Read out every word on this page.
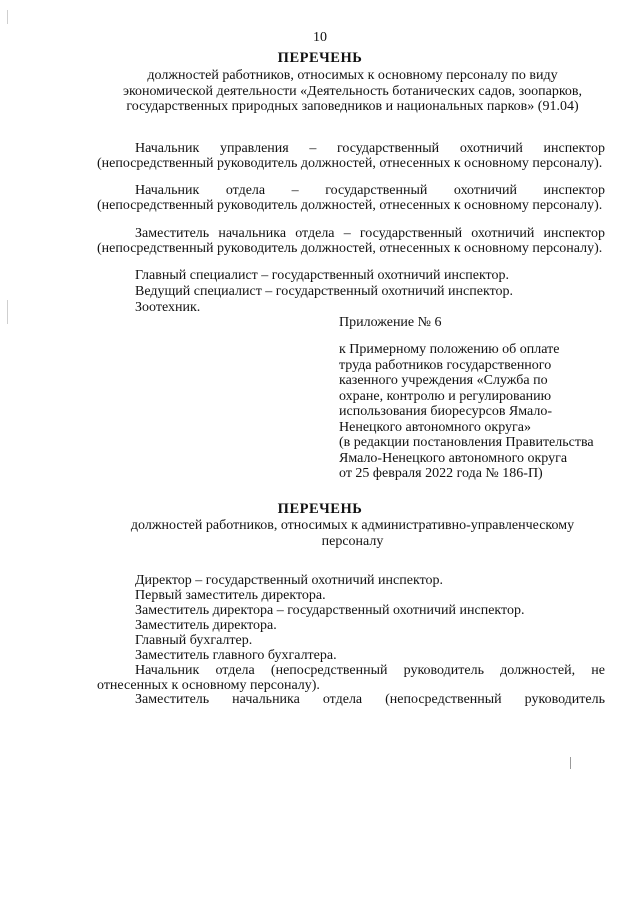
10
ПЕРЕЧЕНЬ
должностей работников, относимых к основному персоналу по виду
экономической деятельности «Деятельность ботанических садов, зоопарков,
государственных природных заповедников и национальных парков» (91.04)

Начальник управления – государственный охотничий инспектор (непосредственный руководитель должностей, отнесенных к основному персоналу).

Начальник отдела – государственный охотничий инспектор (непосредственный руководитель должностей, отнесенных к основному персоналу).

Заместитель начальника отдела – государственный охотничий инспектор (непосредственный руководитель должностей, отнесенных к основному персоналу).

Главный специалист – государственный охотничий инспектор.

Ведущий специалист – государственный охотничий инспектор.

Зоотехник.

Приложение № 6
к Примерному положению об оплате
труда работников государственного
казенного учреждения «Служба по
охране, контролю и регулированию
использования биоресурсов Ямало-
Ненецкого автономного округа»
(в редакции постановления Правительства
Ямало-Ненецкого автономного округа
от 25 февраля 2022 года № 186-П)
ПЕРЕЧЕНЬ
должностей работников, относимых к административно-управленческому
персоналу

Директор – государственный охотничий инспектор.

Первый заместитель директора.

Заместитель директора – государственный охотничий инспектор.

Заместитель директора.

Главный бухгалтер.

Заместитель главного бухгалтера.

Начальник отдела (непосредственный руководитель должностей, не отнесенных к основному персоналу).

Заместитель начальника отдела (непосредственный руководитель
